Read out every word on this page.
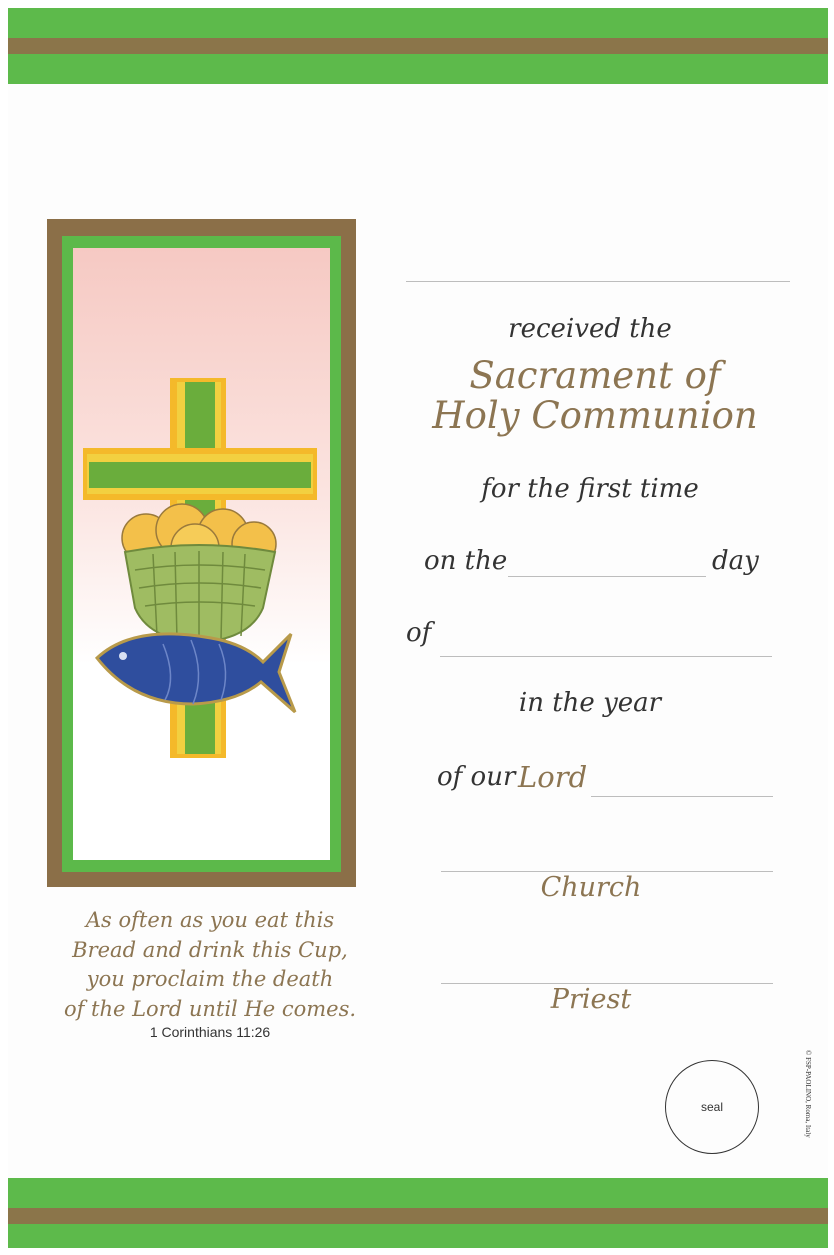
As often as you eat this
Bread and drink this Cup,
you proclaim the death
of the Lord until He comes.
1 Corinthians 11:26
received the
Sacrament of
Holy Communion
for the first time
on the	day
of
in the year
of our Lord
Church
Priest
seal	© FSP-PAOLINO, Roma, Italy
